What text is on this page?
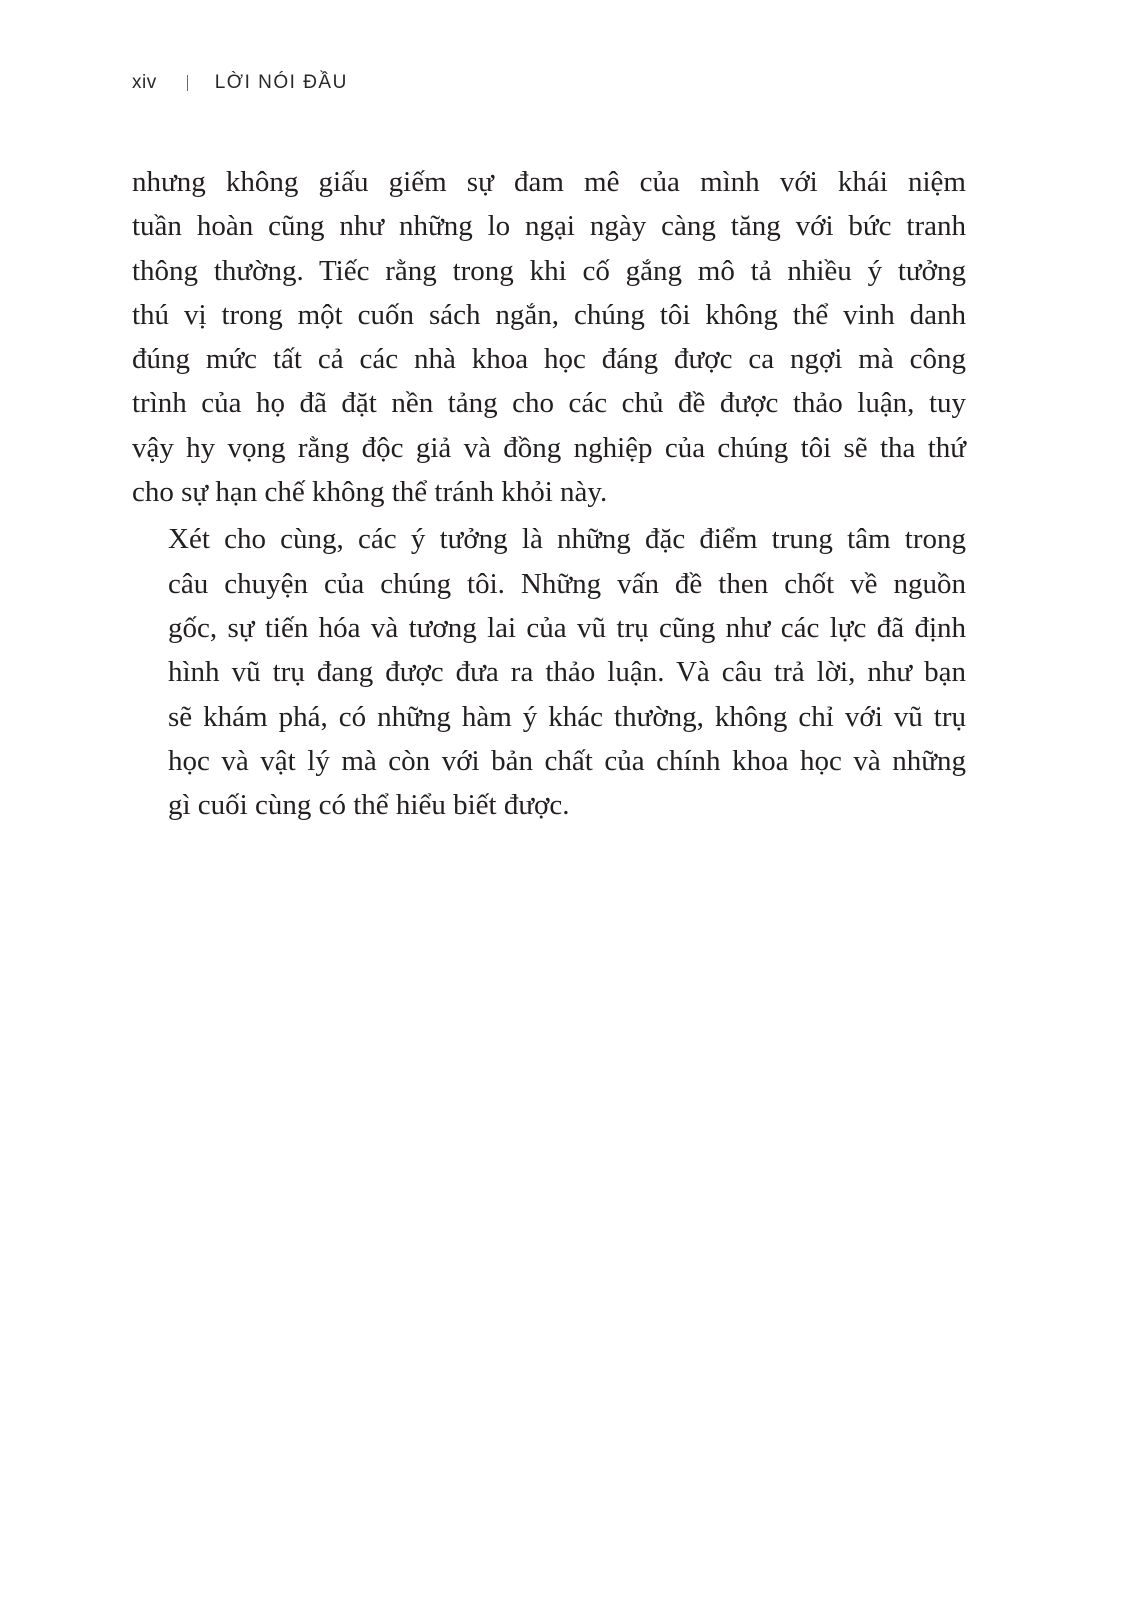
xiv	LỜI NÓI ĐẦU

nhưng không giấu giếm sự đam mê của mình với khái niệm
tuần hoàn cũng như những lo ngại ngày càng tăng với bức tranh
thông thường. Tiếc rằng trong khi cố gắng mô tả nhiều ý tưởng
thú vị trong một cuốn sách ngắn, chúng tôi không thể vinh danh
đúng mức tất cả các nhà khoa học đáng được ca ngợi mà công
trình của họ đã đặt nền tảng cho các chủ đề được thảo luận, tuy
vậy hy vọng rằng độc giả và đồng nghiệp của chúng tôi sẽ tha thứ
cho sự hạn chế không thể tránh khỏi này.

Xét cho cùng, các ý tưởng là những đặc điểm trung tâm trong
câu chuyện của chúng tôi. Những vấn đề then chốt về nguồn
gốc, sự tiến hóa và tương lai của vũ trụ cũng như các lực đã định
hình vũ trụ đang được đưa ra thảo luận. Và câu trả lời, như bạn
sẽ khám phá, có những hàm ý khác thường, không chỉ với vũ trụ
học và vật lý mà còn với bản chất của chính khoa học và những
gì cuối cùng có thể hiểu biết được.
